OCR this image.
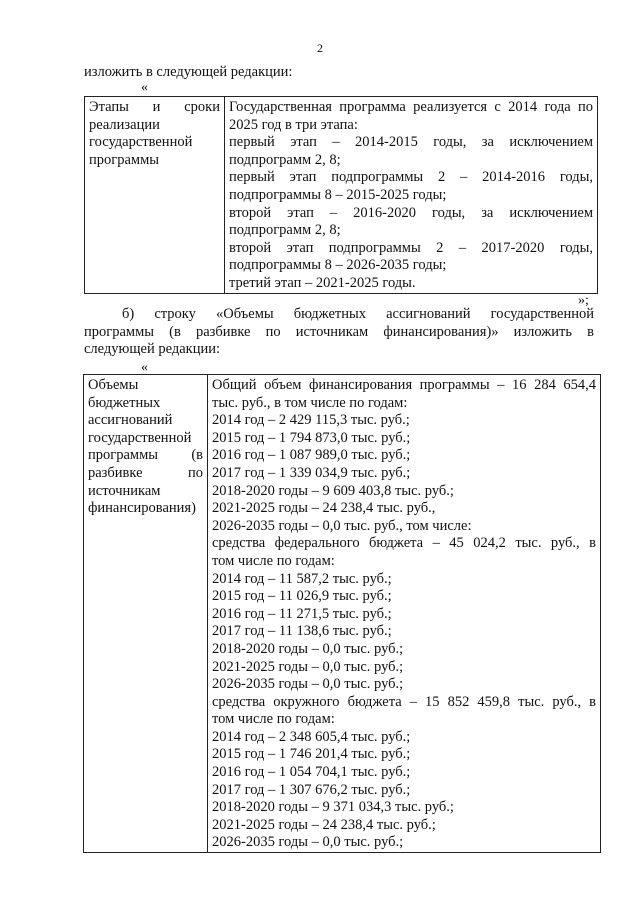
2
изложить в следующей редакции:
«
Этапы и сроки
реализации
государственной
программы

Государственная программа реализуется с 2014 года по
2025 год в три этапа:
первый этап – 2014-2015 годы, за исключением
подпрограмм 2, 8;
первый этап подпрограммы 2 – 2014-2016 годы,
подпрограммы 8 – 2015-2025 годы;
второй этап – 2016-2020 годы, за исключением
подпрограмм 2, 8;
второй этап подпрограммы 2 – 2017-2020 годы,
подпрограммы 8 – 2026-2035 годы;
третий этап – 2021-2025 годы.
»;
б) строку «Объемы бюджетных ассигнований государственной
программы (в разбивке по источникам финансирования)» изложить в
следующей редакции:
«
Объемы
бюджетных
ассигнований
государственной
программы (в
разбивке по
источникам
финансирования)

Общий объем финансирования программы – 16 284 654,4
тыс. руб., в том числе по годам:
2014 год – 2 429 115,3 тыс. руб.;
2015 год – 1 794 873,0 тыс. руб.;
2016 год – 1 087 989,0 тыс. руб.;
2017 год – 1 339 034,9 тыс. руб.;
2018-2020 годы – 9 609 403,8 тыс. руб.;
2021-2025 годы – 24 238,4 тыс. руб.,
2026-2035 годы – 0,0 тыс. руб., том числе:
средства федерального бюджета – 45 024,2 тыс. руб., в
том числе по годам:
2014 год – 11 587,2 тыс. руб.;
2015 год – 11 026,9 тыс. руб.;
2016 год – 11 271,5 тыс. руб.;
2017 год – 11 138,6 тыс. руб.;
2018-2020 годы – 0,0 тыс. руб.;
2021-2025 годы – 0,0 тыс. руб.;
2026-2035 годы – 0,0 тыс. руб.;
средства окружного бюджета – 15 852 459,8 тыс. руб., в
том числе по годам:
2014 год – 2 348 605,4 тыс. руб.;
2015 год – 1 746 201,4 тыс. руб.;
2016 год – 1 054 704,1 тыс. руб.;
2017 год – 1 307 676,2 тыс. руб.;
2018-2020 годы – 9 371 034,3 тыс. руб.;
2021-2025 годы – 24 238,4 тыс. руб.;
2026-2035 годы – 0,0 тыс. руб.;
